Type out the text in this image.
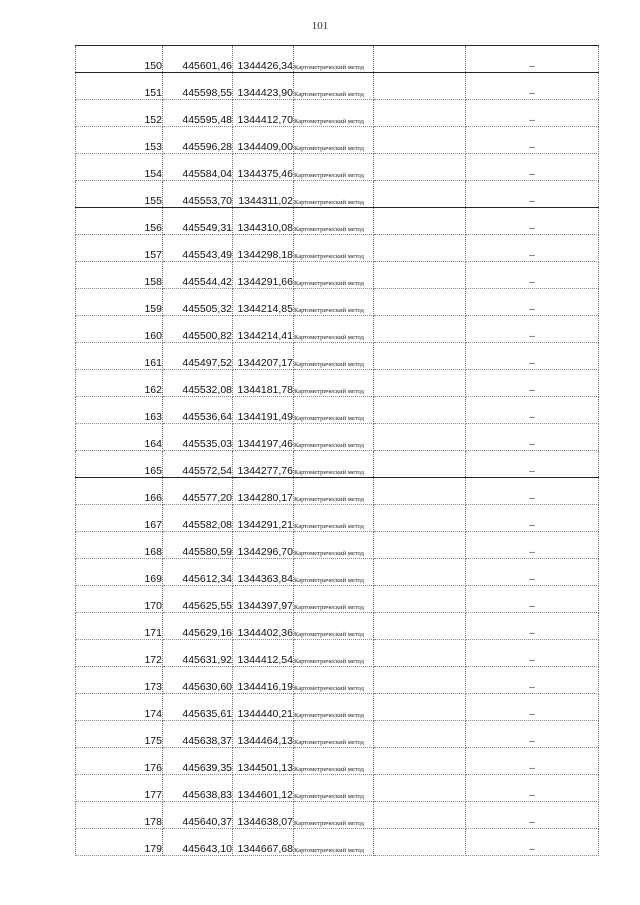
101
150	445601,46	1344426,34	Картометрический метод		–
151	445598,55	1344423,90	Картометрический метод		–
152	445595,48	1344412,70	Картометрический метод		–
153	445596,28	1344409,00	Картометрический метод		–
154	445584,04	1344375,46	Картометрический метод		–
155	445553,70	1344311,02	Картометрический метод		–
156	445549,31	1344310,08	Картометрический метод		–
157	445543,49	1344298,18	Картометрический метод		–
158	445544,42	1344291,66	Картометрический метод		–
159	445505,32	1344214,85	Картометрический метод		–
160	445500,82	1344214,41	Картометрический метод		–
161	445497,52	1344207,17	Картометрический метод		–
162	445532,08	1344181,78	Картометрический метод		–
163	445536,64	1344191,49	Картометрический метод		–
164	445535,03	1344197,46	Картометрический метод		–
165	445572,54	1344277,76	Картометрический метод		–
166	445577,20	1344280,17	Картометрический метод		–
167	445582,08	1344291,21	Картометрический метод		–
168	445580,59	1344296,70	Картометрический метод		–
169	445612,34	1344363,84	Картометрический метод		–
170	445625,55	1344397,97	Картометрический метод		–
171	445629,16	1344402,36	Картометрический метод		–
172	445631,92	1344412,54	Картометрический метод		–
173	445630,60	1344416,19	Картометрический метод		–
174	445635,61	1344440,21	Картометрический метод		–
175	445638,37	1344464,13	Картометрический метод		–
176	445639,35	1344501,13	Картометрический метод		–
177	445638,83	1344601,12	Картометрический метод		–
178	445640,37	1344638,07	Картометрический метод		–
179	445643,10	1344667,68	Картометрический метод		–
